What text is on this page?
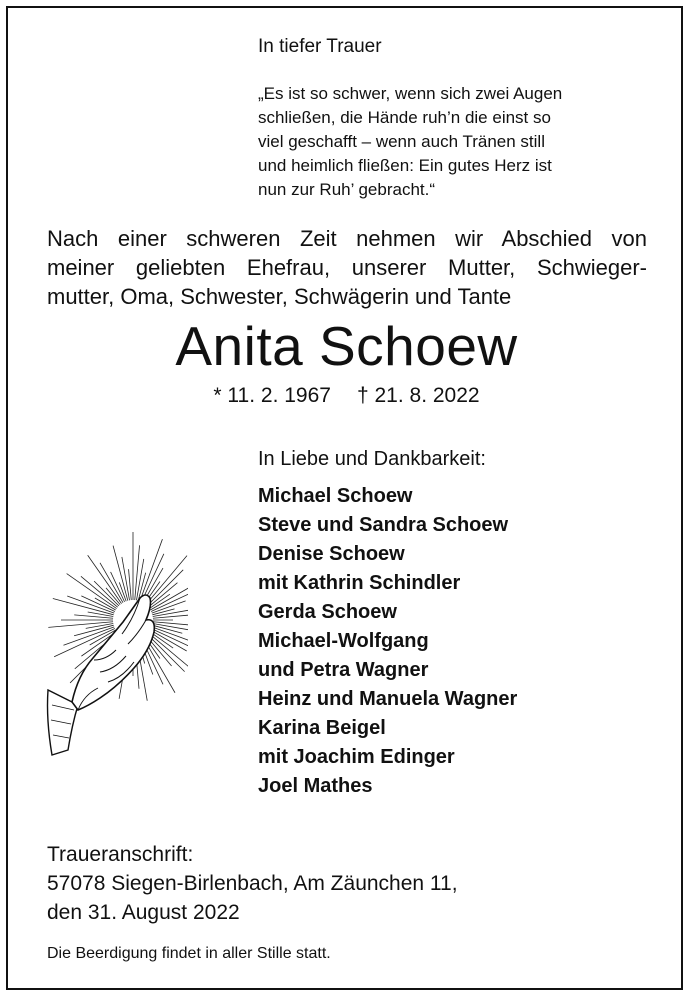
In tiefer Trauer

„Es ist so schwer, wenn sich zwei Augen
schließen, die Hände ruh’n die einst so
viel geschafft – wenn auch Tränen still
und heimlich fließen: Ein gutes Herz ist
nun zur Ruh’ gebracht.“
Nach einer schweren Zeit nehmen wir Abschied von
meiner geliebten Ehefrau, unserer Mutter, Schwieger-
mutter, Oma, Schwester, Schwägerin und Tante
Anita Schoew
* 11. 2. 1967 † 21. 8. 2022
In Liebe und Dankbarkeit:
Michael Schoew
Steve und Sandra Schoew
Denise Schoew
mit Kathrin Schindler
Gerda Schoew
Michael-Wolfgang
und Petra Wagner
Heinz und Manuela Wagner
Karina Beigel
mit Joachim Edinger
Joel Mathes
Traueranschrift:
57078 Siegen-Birlenbach, Am Zäunchen 11,
den 31. August 2022
Die Beerdigung findet in aller Stille statt.
